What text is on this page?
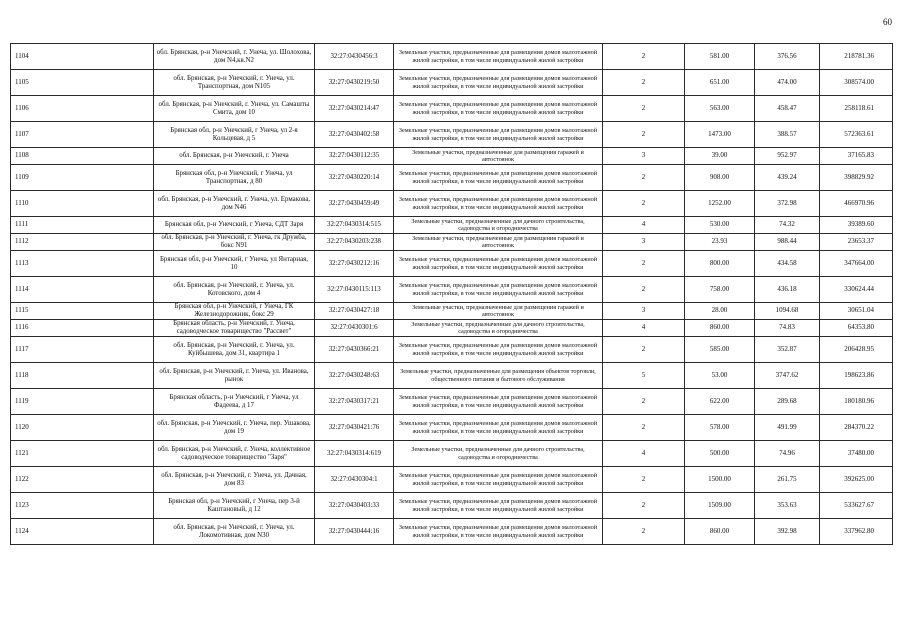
60
1104	обл. Брянская, р-н Унечский, г. Унеча, ул. Шолохова, дом N4,кв.N2	32:27:0430456:3	Земельные участки, предназначенные для размещения домов малоэтажной жилой застройки, в том числе индивидуальной жилой застройки	2	581.00	376.56	218781.36
1105	обл. Брянская, р-н Унечский, г. Унеча, ул. Транспортная, дом N105	32:27:0430219:50	Земельные участки, предназначенные для размещения домов малоэтажной жилой застройки, в том числе индивидуальной жилой застройки	2	651.00	474.00	308574.00
1106	обл. Брянская, р-н Унечский, г. Унеча, ул. Самашты Смита, дом 10	32:27:0430214:47	Земельные участки, предназначенные для размещения домов малоэтажной жилой застройки, в том числе индивидуальной жилой застройки	2	563.00	458.47	258118.61
1107	Брянская обл, р-н Унечский, г Унеча, ул 2-я Кольцевая, д 5	32:27:0430402:58	Земельные участки, предназначенные для размещения домов малоэтажной жилой застройки, в том числе индивидуальной жилой застройки	2	1473.00	388.57	572363.61
1108	обл. Брянская, р-н Унечский, г. Унеча	32:27:0430112:35	Земельные участки, предназначенные для размещения гаражей и автостоянок	3	39.00	952.97	37165.83
1109	Брянская обл, р-н Унечский, г Унеча, ул Транспортная, д 80	32:27:0430220:14	Земельные участки, предназначенные для размещения домов малоэтажной жилой застройки, в том числе индивидуальной жилой застройки	2	908.00	439.24	398829.92
1110	обл. Брянская, р-н Унечский, г. Унеча, ул. Ермакова, дом N46	32:27:0430459:49	Земельные участки, предназначенные для размещения домов малоэтажной жилой застройки, в том числе индивидуальной жилой застройки	2	1252.00	372.98	466970.96
1111	Брянская обл, р-н Унечский, г Унеча, СДТ Заря	32:27:0430314:515	Земельные участки, предназначенные для дачного строительства, садоводства и огородничества	4	530.00	74.32	39389.60
1112	обл. Брянская, р-н Унечский, г. Унеча, гк Дружба, бокс N91	32:27:0430203:238	Земельные участки, предназначенные для размещения гаражей и автостоянок	3	23.93	988.44	23653.37
1113	Брянская обл, р-н Унечский, г Унеча, ул Янтарная, 10	32:27:0430212:16	Земельные участки, предназначенные для размещения домов малоэтажной жилой застройки, в том числе индивидуальной жилой застройки	2	800.00	434.58	347664.00
1114	обл. Брянская, р-н Унечский, г. Унеча, ул. Котовского, дом 4	32:27:0430115:113	Земельные участки, предназначенные для размещения домов малоэтажной жилой застройки, в том числе индивидуальной жилой застройки	2	758.00	436.18	330624.44
1115	Брянская обл, р-н Унечский, г Унеча, ГК Железнодорожник, бокс 29	32:27:0430427:18	Земельные участки, предназначенные для размещения гаражей и автостоянок	3	28.00	1094.68	30651.04
1116	Брянская область, р-н Унечский, г. Унеча, садоводческое товарищество "Рассвет"	32:27:0430301:6	Земельные участки, предназначенные для дачного строительства, садоводства и огородничества	4	860.00	74.83	64353.80
1117	обл. Брянская, р-н Унечский, г. Унеча, ул. Куйбышева, дом 31, квартира 1	32:27:0430366:21	Земельные участки, предназначенные для размещения домов малоэтажной жилой застройки, в том числе индивидуальной жилой застройки	2	585.00	352.87	206428.95
1118	обл. Брянская, р-н Унечский, г. Унеча, ул. Иванова, рынок	32:27:0430248:63	Земельные участки, предназначенные для размещения объектов торговли, общественного питания и бытового обслуживания	5	53.00	3747.62	198623.86
1119	Брянская область, р-н Унечский, г Унеча, ул Фадеева, д 17	32:27:0430317:21	Земельные участки, предназначенные для размещения домов малоэтажной жилой застройки, в том числе индивидуальной жилой застройки	2	622.00	289.68	180180.96
1120	обл. Брянская, р-н Унечский, г. Унеча, пер. Ушакова, дом 19	32:27:0430421:76	Земельные участки, предназначенные для размещения домов малоэтажной жилой застройки, в том числе индивидуальной жилой застройки	2	578.00	491.99	284370.22
1121	обл. Брянская, р-н Унечский, г. Унеча, коллективное садоводческое товарищество "Заря"	32:27:0430314:619	Земельные участки, предназначенные для дачного строительства, садоводства и огородничества	4	500.00	74.96	37480.00
1122	обл. Брянская, р-н Унечский, г. Унеча, ул. Дачная, дом 83	32:27:0430304:1	Земельные участки, предназначенные для размещения домов малоэтажной жилой застройки, в том числе индивидуальной жилой застройки	2	1500.00	261.75	392625.00
1123	Брянская обл, р-н Унечский, г Унеча, пер 3-й Каштановый, д 12	32:27:0430403:33	Земельные участки, предназначенные для размещения домов малоэтажной жилой застройки, в том числе индивидуальной жилой застройки	2	1509.00	353.63	533627.67
1124	обл. Брянская, р-н Унечский, г. Унеча, ул. Локомотивная, дом N30	32:27:0430444:16	Земельные участки, предназначенные для размещения домов малоэтажной жилой застройки, в том числе индивидуальной жилой застройки	2	860.00	392.98	337962.80
